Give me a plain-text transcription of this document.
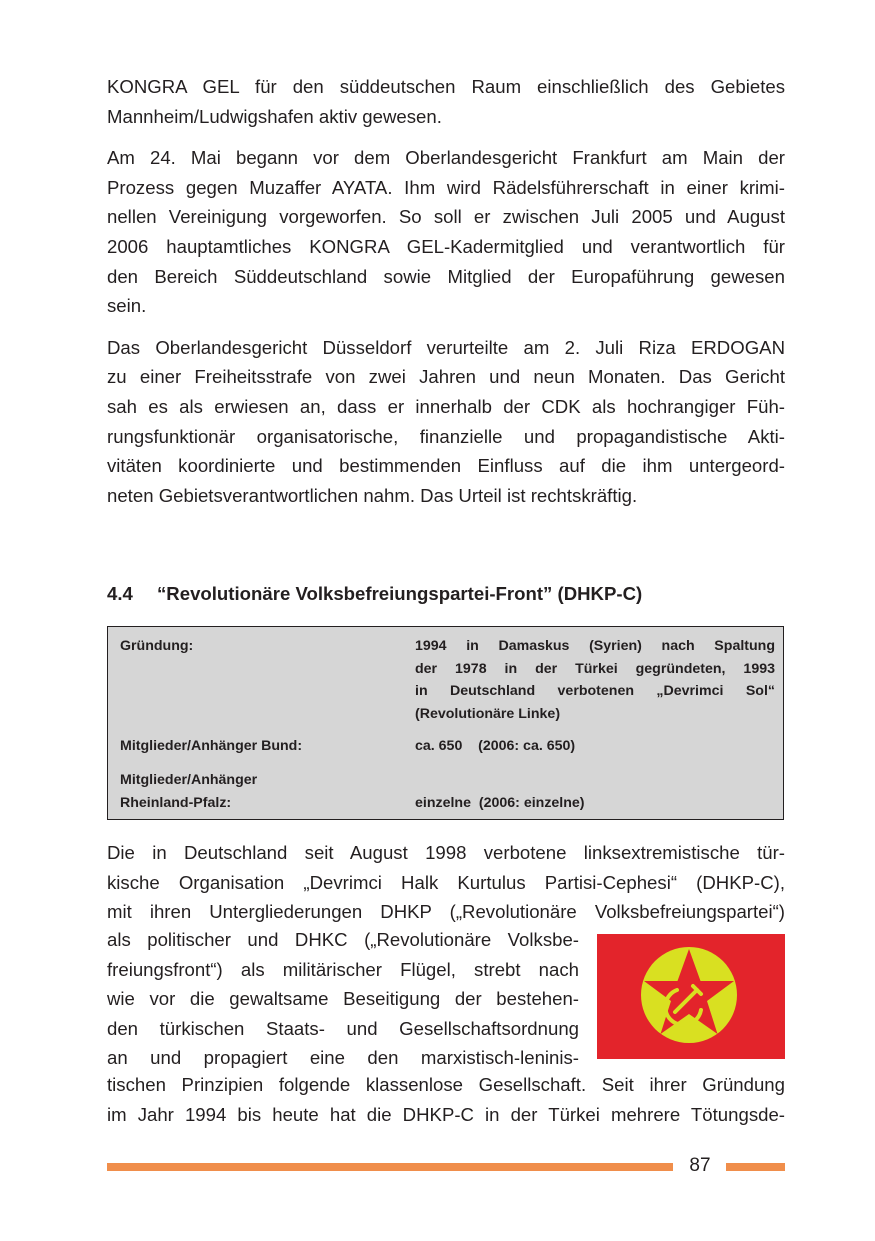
KONGRA GEL für den süddeutschen Raum einschließlich des Gebietes
Mannheim/Ludwigshafen aktiv gewesen.

Am 24. Mai begann vor dem Oberlandesgericht Frankfurt am Main der
Prozess gegen Muzaffer AYATA. Ihm wird Rädelsführerschaft in einer krimi-
nellen Vereinigung vorgeworfen. So soll er zwischen Juli 2005 und August
2006 hauptamtliches KONGRA GEL-Kadermitglied und verantwortlich für
den Bereich Süddeutschland sowie Mitglied der Europaführung gewesen
sein.

Das Oberlandesgericht Düsseldorf verurteilte am 2. Juli Riza ERDOGAN
zu einer Freiheitsstrafe von zwei Jahren und neun Monaten. Das Gericht
sah es als erwiesen an, dass er innerhalb der CDK als hochrangiger Füh-
rungsfunktionär organisatorische, finanzielle und propagandistische Akti-
vitäten koordinierte und bestimmenden Einfluss auf die ihm untergeord-
neten Gebietsverantwortlichen nahm. Das Urteil ist rechtskräftig.

4.4 “Revolutionäre Volksbefreiungspartei-Front” (DHKP-C)
Gründung:	1994 in Damaskus (Syrien) nach Spaltung
der 1978 in der Türkei gegründeten, 1993
in Deutschland verbotenen „Devrimci Sol“
(Revolutionäre Linke)
Mitglieder/Anhänger Bund:	ca. 650    (2006: ca. 650)
Mitglieder/Anhänger
Rheinland-Pfalz:	einzelne  (2006: einzelne)

Die in Deutschland seit August 1998 verbotene linksextremistische tür-
kische Organisation „Devrimci Halk Kurtulus Partisi-Cephesi“ (DHKP-C),
mit ihren Untergliederungen DHKP („Revolutionäre Volksbefreiungspartei“)

als politischer und DHKC („Revolutionäre Volksbe-
freiungsfront“) als militärischer Flügel, strebt nach
wie vor die gewaltsame Beseitigung der bestehen-
den türkischen Staats- und Gesellschaftsordnung
an und propagiert eine den marxistisch-leninis-

tischen Prinzipien folgende klassenlose Gesellschaft. Seit ihrer Gründung
im Jahr 1994 bis heute hat die DHKP-C in der Türkei mehrere Tötungsde-

87
